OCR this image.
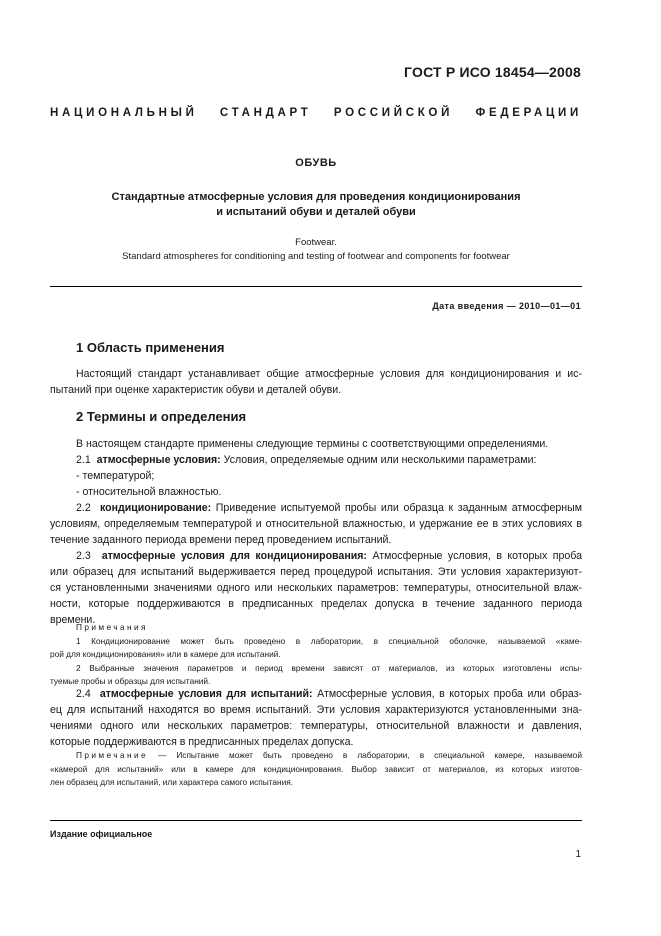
ГОСТ Р ИСО 18454—2008
НАЦИОНАЛЬНЫЙ СТАНДАРТ РОССИЙСКОЙ ФЕДЕРАЦИИ
ОБУВЬ
Стандартные атмосферные условия для проведения кондиционирования
и испытаний обуви и деталей обуви
Footwear.
Standard atmospheres for conditioning and testing of footwear and components for footwear
Дата введения — 2010—01—01
1 Область применения
Настоящий стандарт устанавливает общие атмосферные условия для кондиционирования и ис-
пытаний при оценке характеристик обуви и деталей обуви.
2 Термины и определения
В настоящем стандарте применены следующие термины с соответствующими определениями.
2.1 атмосферные условия: Условия, определяемые одним или несколькими параметрами:
- температурой;
- относительной влажностью.
2.2 кондиционирование: Приведение испытуемой пробы или образца к заданным атмосферным
условиям, определяемым температурой и относительной влажностью, и удержание ее в этих условиях в
течение заданного периода времени перед проведением испытаний.
2.3 атмосферные условия для кондиционирования: Атмосферные условия, в которых проба
или образец для испытаний выдерживается перед процедурой испытания. Эти условия характеризуют-
ся установленными значениями одного или нескольких параметров: температуры, относительной влаж-
ности, которые поддерживаются в предписанных пределах допуска в течение заданного периода
времени.
Примечания
1 Кондиционирование может быть проведено в лаборатории, в специальной оболочке, называемой «каме-
рой для кондиционирования» или в камере для испытаний.
2 Выбранные значения параметров и период времени зависят от материалов, из которых изготовлены испы-
туемые пробы и образцы для испытаний.
2.4 атмосферные условия для испытаний: Атмосферные условия, в которых проба или образ-
ец для испытаний находятся во время испытаний. Эти условия характеризуются установленными зна-
чениями одного или нескольких параметров: температуры, относительной влажности и давления,
которые поддерживаются в предписанных пределах допуска.
Примечание — Испытание может быть проведено в лаборатории, в специальной камере, называемой
«камерой для испытаний» или в камере для кондиционирования. Выбор зависит от материалов, из которых изготов-
лен образец для испытаний, или характера самого испытания.
Издание официальное
1
